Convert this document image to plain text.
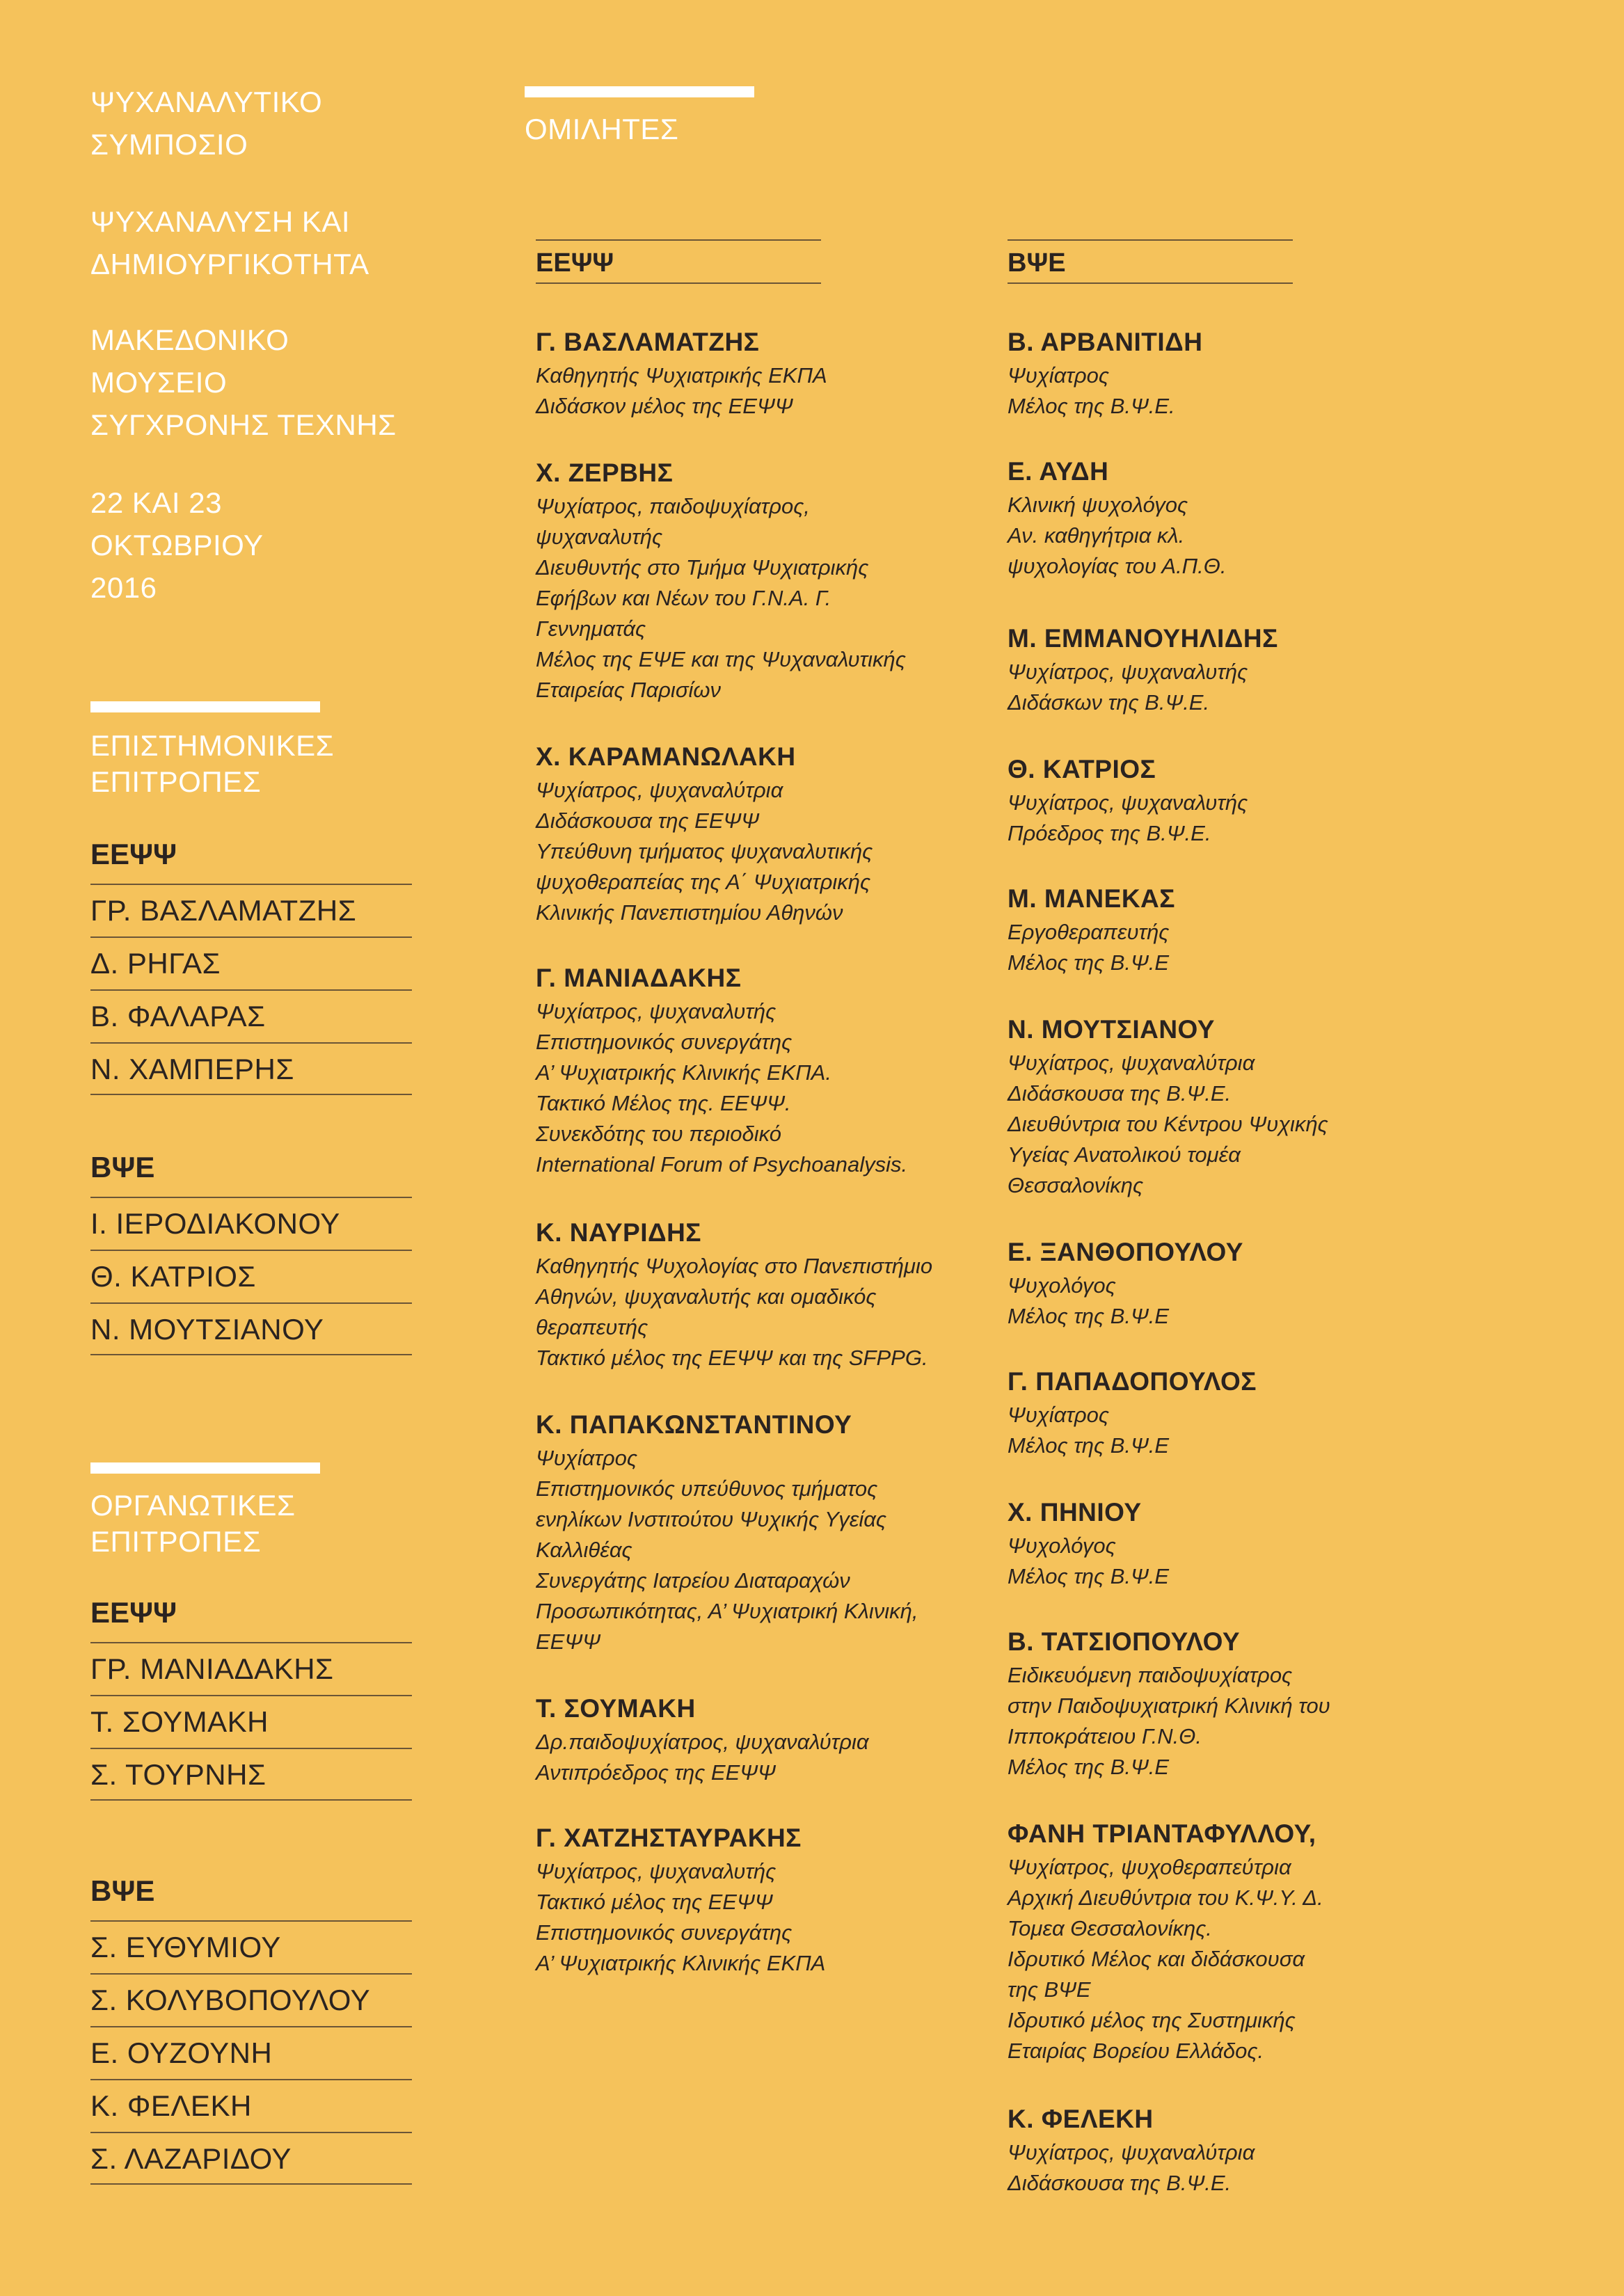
ΨΥΧΑΝΑΛΥΤΙΚΟ
ΣΥΜΠΟΣΙΟ
ΨΥΧΑΝΑΛΥΣΗ ΚΑΙ
ΔΗΜΙΟΥΡΓΙΚΟΤΗΤΑ
ΜΑΚΕΔΟΝΙΚΟ
ΜΟΥΣΕΙΟ
ΣΥΓΧΡΟΝΗΣ ΤΕΧΝΗΣ
22 ΚΑΙ 23
ΟΚΤΩΒΡΙΟΥ
2016
ΕΠΙΣΤΗΜΟΝΙΚΕΣ
ΕΠΙΤΡΟΠΕΣ
ΕΕΨΨ
ΓΡ. ΒΑΣΛΑΜΑΤΖΗΣ
Δ. ΡΗΓΑΣ
Β. ΦΑΛΑΡΑΣ
Ν. ΧΑΜΠΕΡΗΣ
ΒΨΕ
Ι. ΙΕΡΟΔΙΑΚΟΝΟΥ
Θ. ΚΑΤΡΙΟΣ
Ν. ΜΟΥΤΣΙΑΝΟΥ
ΟΡΓΑΝΩΤΙΚΕΣ
ΕΠΙΤΡΟΠΕΣ
ΕΕΨΨ
ΓΡ. ΜΑΝΙΑΔΑΚΗΣ
Τ. ΣΟΥΜΑΚΗ
Σ. ΤΟΥΡΝΗΣ
ΒΨΕ
Σ. ΕΥΘΥΜΙΟΥ
Σ. ΚΟΛΥΒΟΠΟΥΛΟΥ
Ε. ΟΥΖΟΥΝΗ
Κ. ΦΕΛΕΚΗ
Σ. ΛΑΖΑΡΙΔΟΥ
ΟΜΙΛΗΤΕΣ
ΕΕΨΨ	ΒΨΕ
Γ. ΒΑΣΛΑΜΑΤΖΗΣ
Καθηγητής Ψυχιατρικής ΕΚΠΑ
Διδάσκον μέλος της ΕΕΨΨ
Χ. ΖΕΡΒΗΣ
Ψυχίατρος, παιδοψυχίατρος,
ψυχαναλυτής
Διευθυντής στο Τμήμα Ψυχιατρικής
Εφήβων και Νέων του Γ.Ν.Α. Γ.
Γεννηματάς
Μέλος της ΕΨΕ και της Ψυχαναλυτικής
Εταιρείας Παρισίων
Χ. ΚΑΡΑΜΑΝΩΛΑΚΗ
Ψυχίατρος, ψυχαναλύτρια
Διδάσκουσα της ΕΕΨΨ
Υπεύθυνη τμήματος ψυχαναλυτικής
ψυχοθεραπείας της Α΄ Ψυχιατρικής
Κλινικής Πανεπιστημίου Αθηνών
Γ. ΜΑΝΙΑΔΑΚΗΣ
Ψυχίατρος, ψυχαναλυτής
Επιστημονικός συνεργάτης
Α’ Ψυχιατρικής Κλινικής ΕΚΠΑ.
Τακτικό Μέλος της. ΕΕΨΨ.
Συνεκδότης του περιοδικό
International Forum of Psychoanalysis.
Κ. ΝΑΥΡΙΔΗΣ
Καθηγητής Ψυχολογίας στο Πανεπιστήμιο
Αθηνών, ψυχαναλυτής και ομαδικός
θεραπευτής
Τακτικό μέλος της ΕΕΨΨ και της SFPPG.
Κ. ΠΑΠΑΚΩΝΣΤΑΝΤΙΝΟΥ
Ψυχίατρος
Επιστημονικός υπεύθυνος τμήματος
ενηλίκων Ινστιτούτου Ψυχικής Υγείας
Καλλιθέας
Συνεργάτης Ιατρείου Διαταραχών
Προσωπικότητας, Α’ Ψυχιατρική Κλινική,
ΕΕΨΨ
Τ. ΣΟΥΜΑΚΗ
Δρ.παιδοψυχίατρος, ψυχαναλύτρια
Αντιπρόεδρος της ΕΕΨΨ
Γ. ΧΑΤΖΗΣΤΑΥΡΑΚΗΣ
Ψυχίατρος, ψυχαναλυτής
Τακτικό μέλος της ΕΕΨΨ
Επιστημονικός συνεργάτης
Α’ Ψυχιατρικής Κλινικής ΕΚΠΑ
Β. ΑΡΒΑΝΙΤΙΔΗ
Ψυχίατρος
Μέλος της Β.Ψ.Ε.
Ε. ΑΥΔΗ
Κλινική ψυχολόγος
Αν. καθηγήτρια κλ.
ψυχολογίας του Α.Π.Θ.
Μ. ΕΜΜΑΝΟΥΗΛΙΔΗΣ
Ψυχίατρος, ψυχαναλυτής
Διδάσκων της Β.Ψ.Ε.
Θ. ΚΑΤΡΙΟΣ
Ψυχίατρος, ψυχαναλυτής
Πρόεδρος της Β.Ψ.Ε.
Μ. ΜΑΝΕΚΑΣ
Εργοθεραπευτής
Μέλος της Β.Ψ.Ε
Ν. ΜΟΥΤΣΙΑΝΟΥ
Ψυχίατρος, ψυχαναλύτρια
Διδάσκουσα της Β.Ψ.Ε.
Διευθύντρια του Κέντρου Ψυχικής
Υγείας Ανατολικού τομέα
Θεσσαλονίκης
Ε. ΞΑΝΘΟΠΟΥΛΟΥ
Ψυχολόγος
Μέλος της Β.Ψ.Ε
Γ. ΠΑΠΑΔΟΠΟΥΛΟΣ
Ψυχίατρος
Μέλος της Β.Ψ.Ε
Χ. ΠΗΝΙΟΥ
Ψυχολόγος
Μέλος της Β.Ψ.Ε
Β. ΤΑΤΣΙΟΠΟΥΛΟΥ
Ειδικευόμενη παιδοψυχίατρος
στην Παιδοψυχιατρική Κλινική του
Ιπποκράτειου Γ.Ν.Θ.
Μέλος της Β.Ψ.Ε
ΦΑΝΗ ΤΡΙΑΝΤΑΦΥΛΛΟΥ,
Ψυχίατρος, ψυχοθεραπεύτρια
Αρχική Διευθύντρια του Κ.Ψ.Υ. Δ.
Τομεα Θεσσαλονίκης.
Ιδρυτικό Μέλος και διδάσκουσα
της ΒΨΕ
Ιδρυτικό μέλος της Συστημικής
Εταιρίας Βορείου Ελλάδος.
Κ. ΦΕΛΕΚΗ
Ψυχίατρος, ψυχαναλύτρια
Διδάσκουσα της Β.Ψ.Ε.
